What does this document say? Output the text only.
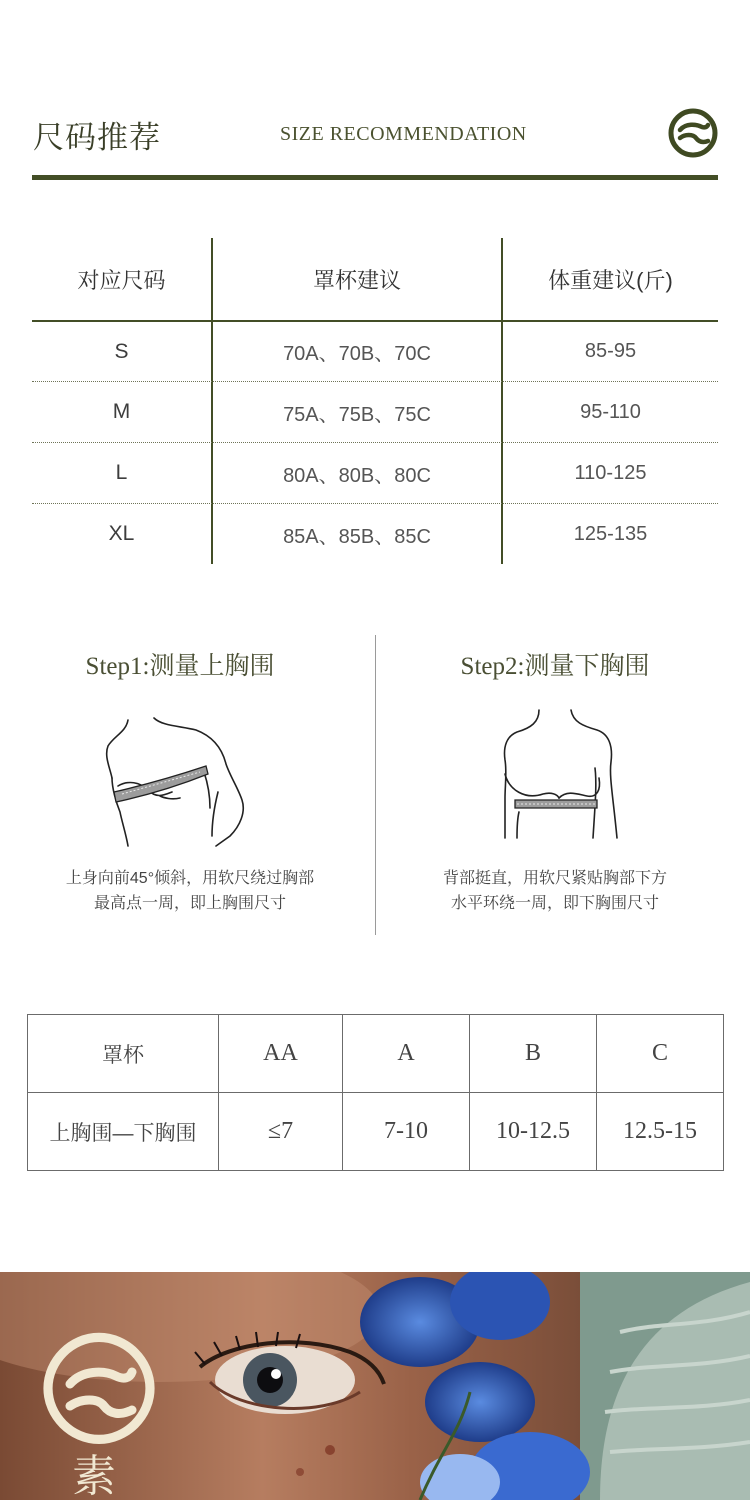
尺码推荐	SIZE RECOMMENDATION
对应尺码	罩杯建议	体重建议(斤)
S	70A、70B、70C	85-95
M	75A、75B、75C	95-110
L	80A、80B、80C	110-125
XL	85A、85B、85C	125-135
Step1:测量上胸围
上身向前45°倾斜，用软尺绕过胸部
最高点一周，即上胸围尺寸
Step2:测量下胸围
背部挺直，用软尺紧贴胸部下方
水平环绕一周，即下胸围尺寸
罩杯	AA	A	B	C
上胸围—下胸围	≤7	7-10	10-12.5	12.5-15
素
